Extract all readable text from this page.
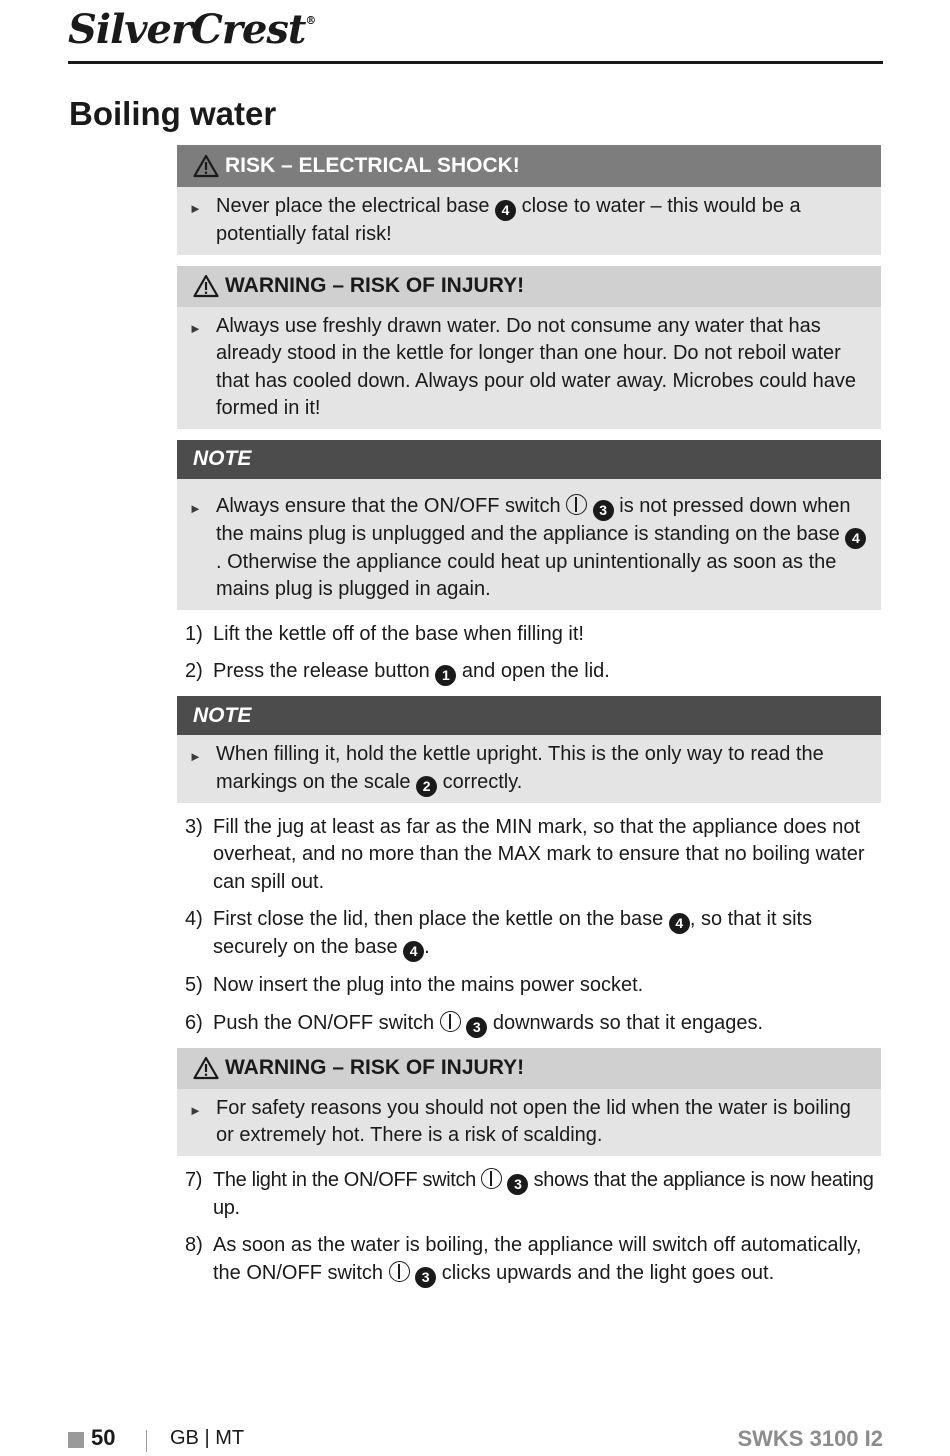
SilverCrest®
Boiling water
RISK – ELECTRICAL SHOCK!
► Never place the electrical base 4 close to water – this would be a potentially fatal risk!
WARNING – RISK OF INJURY!
► Always use freshly drawn water. Do not consume any water that has already stood in the kettle for longer than one hour. Do not reboil water that has cooled down. Always pour old water away. Microbes could have formed in it!
NOTE
► Always ensure that the ON/OFF switch	3 is not pressed down when the mains plug is unplugged and the appliance is standing on the base 4. Otherwise the appliance could heat up unintentionally as soon as the mains plug is plugged in again.
1) Lift the kettle off of the base when filling it!
2) Press the release button 1 and open the lid.
NOTE
► When filling it, hold the kettle upright. This is the only way to read the markings on the scale 2 correctly.
3) Fill the jug at least as far as the MIN mark, so that the appliance does not overheat, and no more than the MAX mark to ensure that no boiling water can spill out.
4) First close the lid, then place the kettle on the base 4 , so that it sits securely on the base 4 .
5) Now insert the plug into the mains power socket.
6) Push the ON/OFF switch	3 downwards so that it engages.
WARNING – RISK OF INJURY!
► For safety reasons you should not open the lid when the water is boiling or extremely hot. There is a risk of scalding.
7) The light in the ON/OFF switch	3 shows that the appliance is now heating up.
8) As soon as the water is boiling, the appliance will switch off automatically, the ON/OFF switch	3 clicks upwards and the light goes out.
50	GB | MT	SWKS 3100 I2
